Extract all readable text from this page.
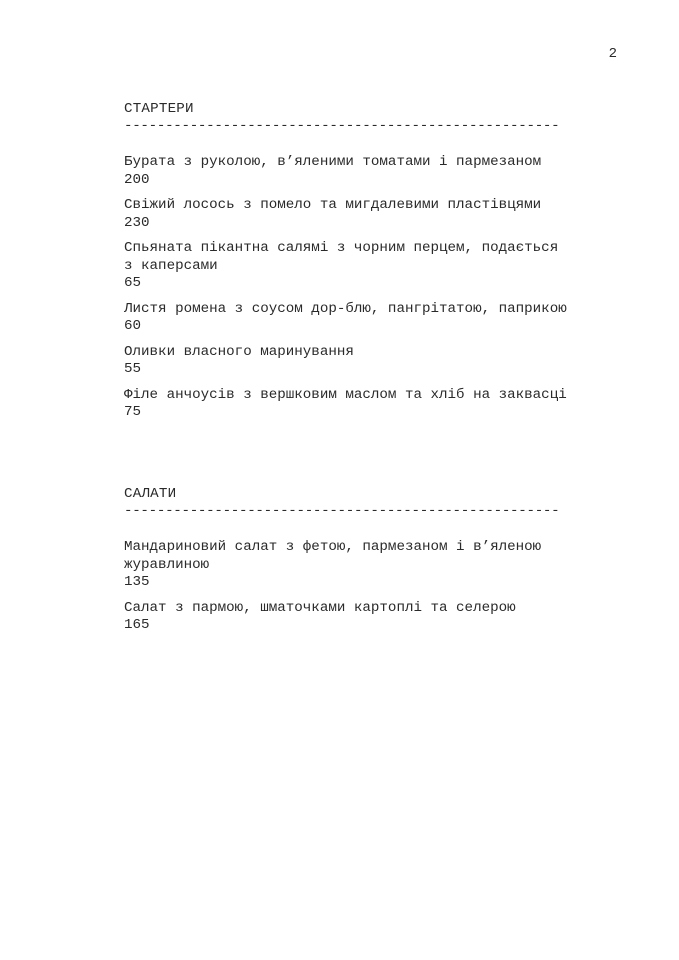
2
СТАРТЕРИ
-----------------------------------------------------
Бурата з руколою, в’яленими томатами і пармезаном
200
Свіжий лосось з помело та мигдалевими пластівцями
230
Спьяната пікантна салямі з чорним перцем, подається
з каперсами
65
Листя ромена з соусом дор-блю, пангрітатою, паприкою
60
Оливки власного маринування
55
Філе анчоусів з вершковим маслом та хліб на заквасці
75
САЛАТИ
-----------------------------------------------------
Мандариновий салат з фетою, пармезаном і в’яленою
журавлиною
135
Салат з пармою, шматочками картоплі та селерою
165
